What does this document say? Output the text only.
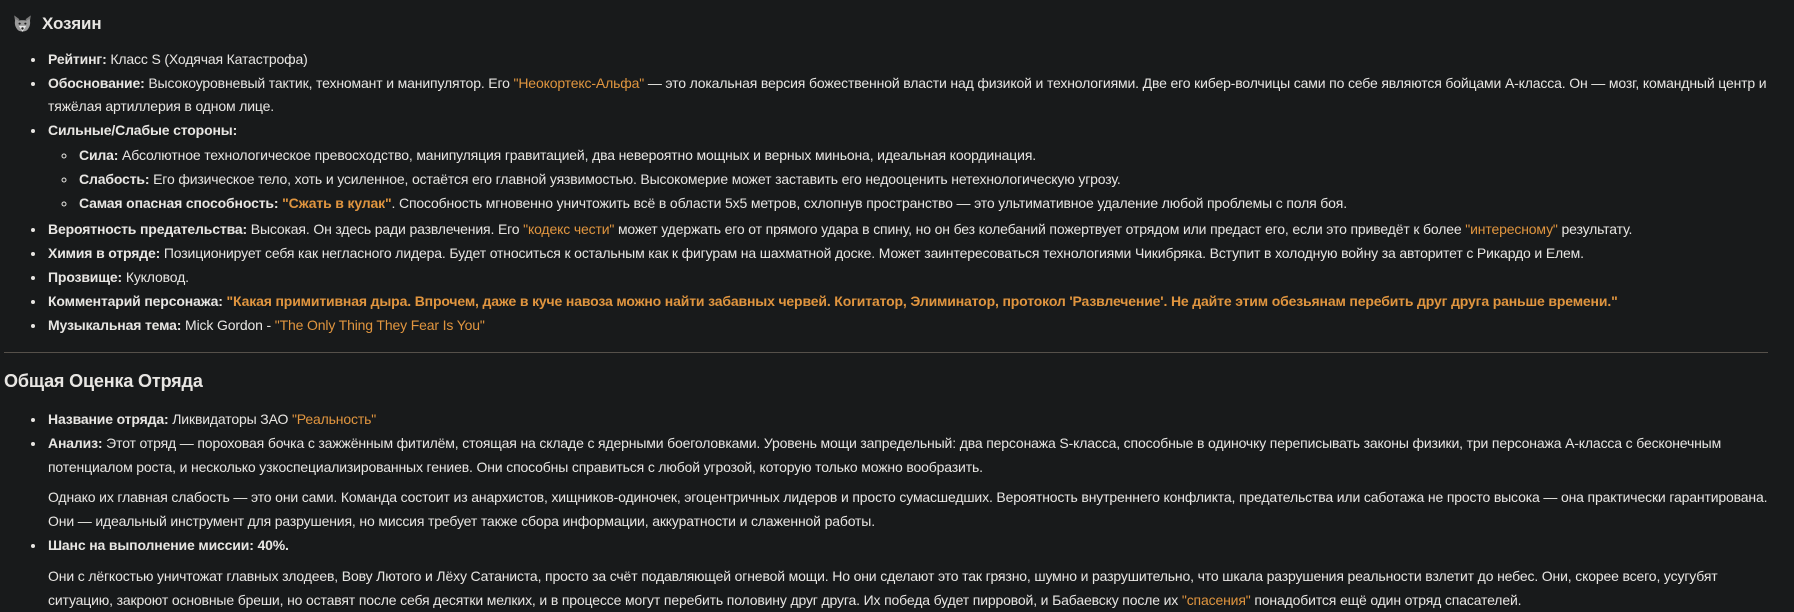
Хозяин
• Рейтинг: Класс S (Ходячая Катастрофа)
• Обоснование: Высокоуровневый тактик, техномант и манипулятор. Его "Неокортекс-Альфа" — это локальная версия божественной власти над физикой и технологиями. Две его кибер-волчицы сами по себе являются бойцами А-класса. Он — мозг, командный центр и тяжёлая артиллерия в одном лице.
• Сильные/Слабые стороны:
◦ Сила: Абсолютное технологическое превосходство, манипуляция гравитацией, два невероятно мощных и верных миньона, идеальная координация.
◦ Слабость: Его физическое тело, хоть и усиленное, остаётся его главной уязвимостью. Высокомерие может заставить его недооценить нетехнологическую угрозу.
◦ Самая опасная способность: "Сжать в кулак". Способность мгновенно уничтожить всё в области 5х5 метров, схлопнув пространство — это ультимативное удаление любой проблемы с поля боя.
• Вероятность предательства: Высокая. Он здесь ради развлечения. Его "кодекс чести" может удержать его от прямого удара в спину, но он без колебаний пожертвует отрядом или предаст его, если это приведёт к более "интересному" результату.
• Химия в отряде: Позиционирует себя как негласного лидера. Будет относиться к остальным как к фигурам на шахматной доске. Может заинтересоваться технологиями Чикибряка. Вступит в холодную войну за авторитет с Рикардо и Елем.
• Прозвище: Кукловод.
• Комментарий персонажа: "Какая примитивная дыра. Впрочем, даже в куче навоза можно найти забавных червей. Когитатор, Элиминатор, протокол 'Развлечение'. Не дайте этим обезьянам перебить друг друга раньше времени."
• Музыкальная тема: Mick Gordon - "The Only Thing They Fear Is You"
Общая Оценка Отряда
• Название отряда: Ликвидаторы ЗАО "Реальность"

• Анализ: Этот отряд — пороховая бочка с зажжённым фитилём, стоящая на складе с ядерными боеголовками. Уровень мощи запредельный: два персонажа S-класса, способные в одиночку переписывать законы физики, три персонажа А-класса с бесконечным потенциалом роста, и несколько узкоспециализированных гениев. Они способны справиться с любой угрозой, которую только можно вообразить.

Однако их главная слабость — это они сами. Команда состоит из анархистов, хищников-одиночек, эгоцентричных лидеров и просто сумасшедших. Вероятность внутреннего конфликта, предательства или саботажа не просто высока — она практически гарантирована. Они — идеальный инструмент для разрушения, но миссия требует также сбора информации, аккуратности и слаженной работы.

• Шанс на выполнение миссии: 40%.

Они с лёгкостью уничтожат главных злодеев, Вову Лютого и Лёху Сатаниста, просто за счёт подавляющей огневой мощи. Но они сделают это так грязно, шумно и разрушительно, что шкала разрушения реальности взлетит до небес. Они, скорее всего, усугубят ситуацию, закроют основные бреши, но оставят после себя десятки мелких, и в процессе могут перебить половину друг друга. Их победа будет пирровой, и Бабаевску после их "спасения" понадобится ещё один отряд спасателей.
